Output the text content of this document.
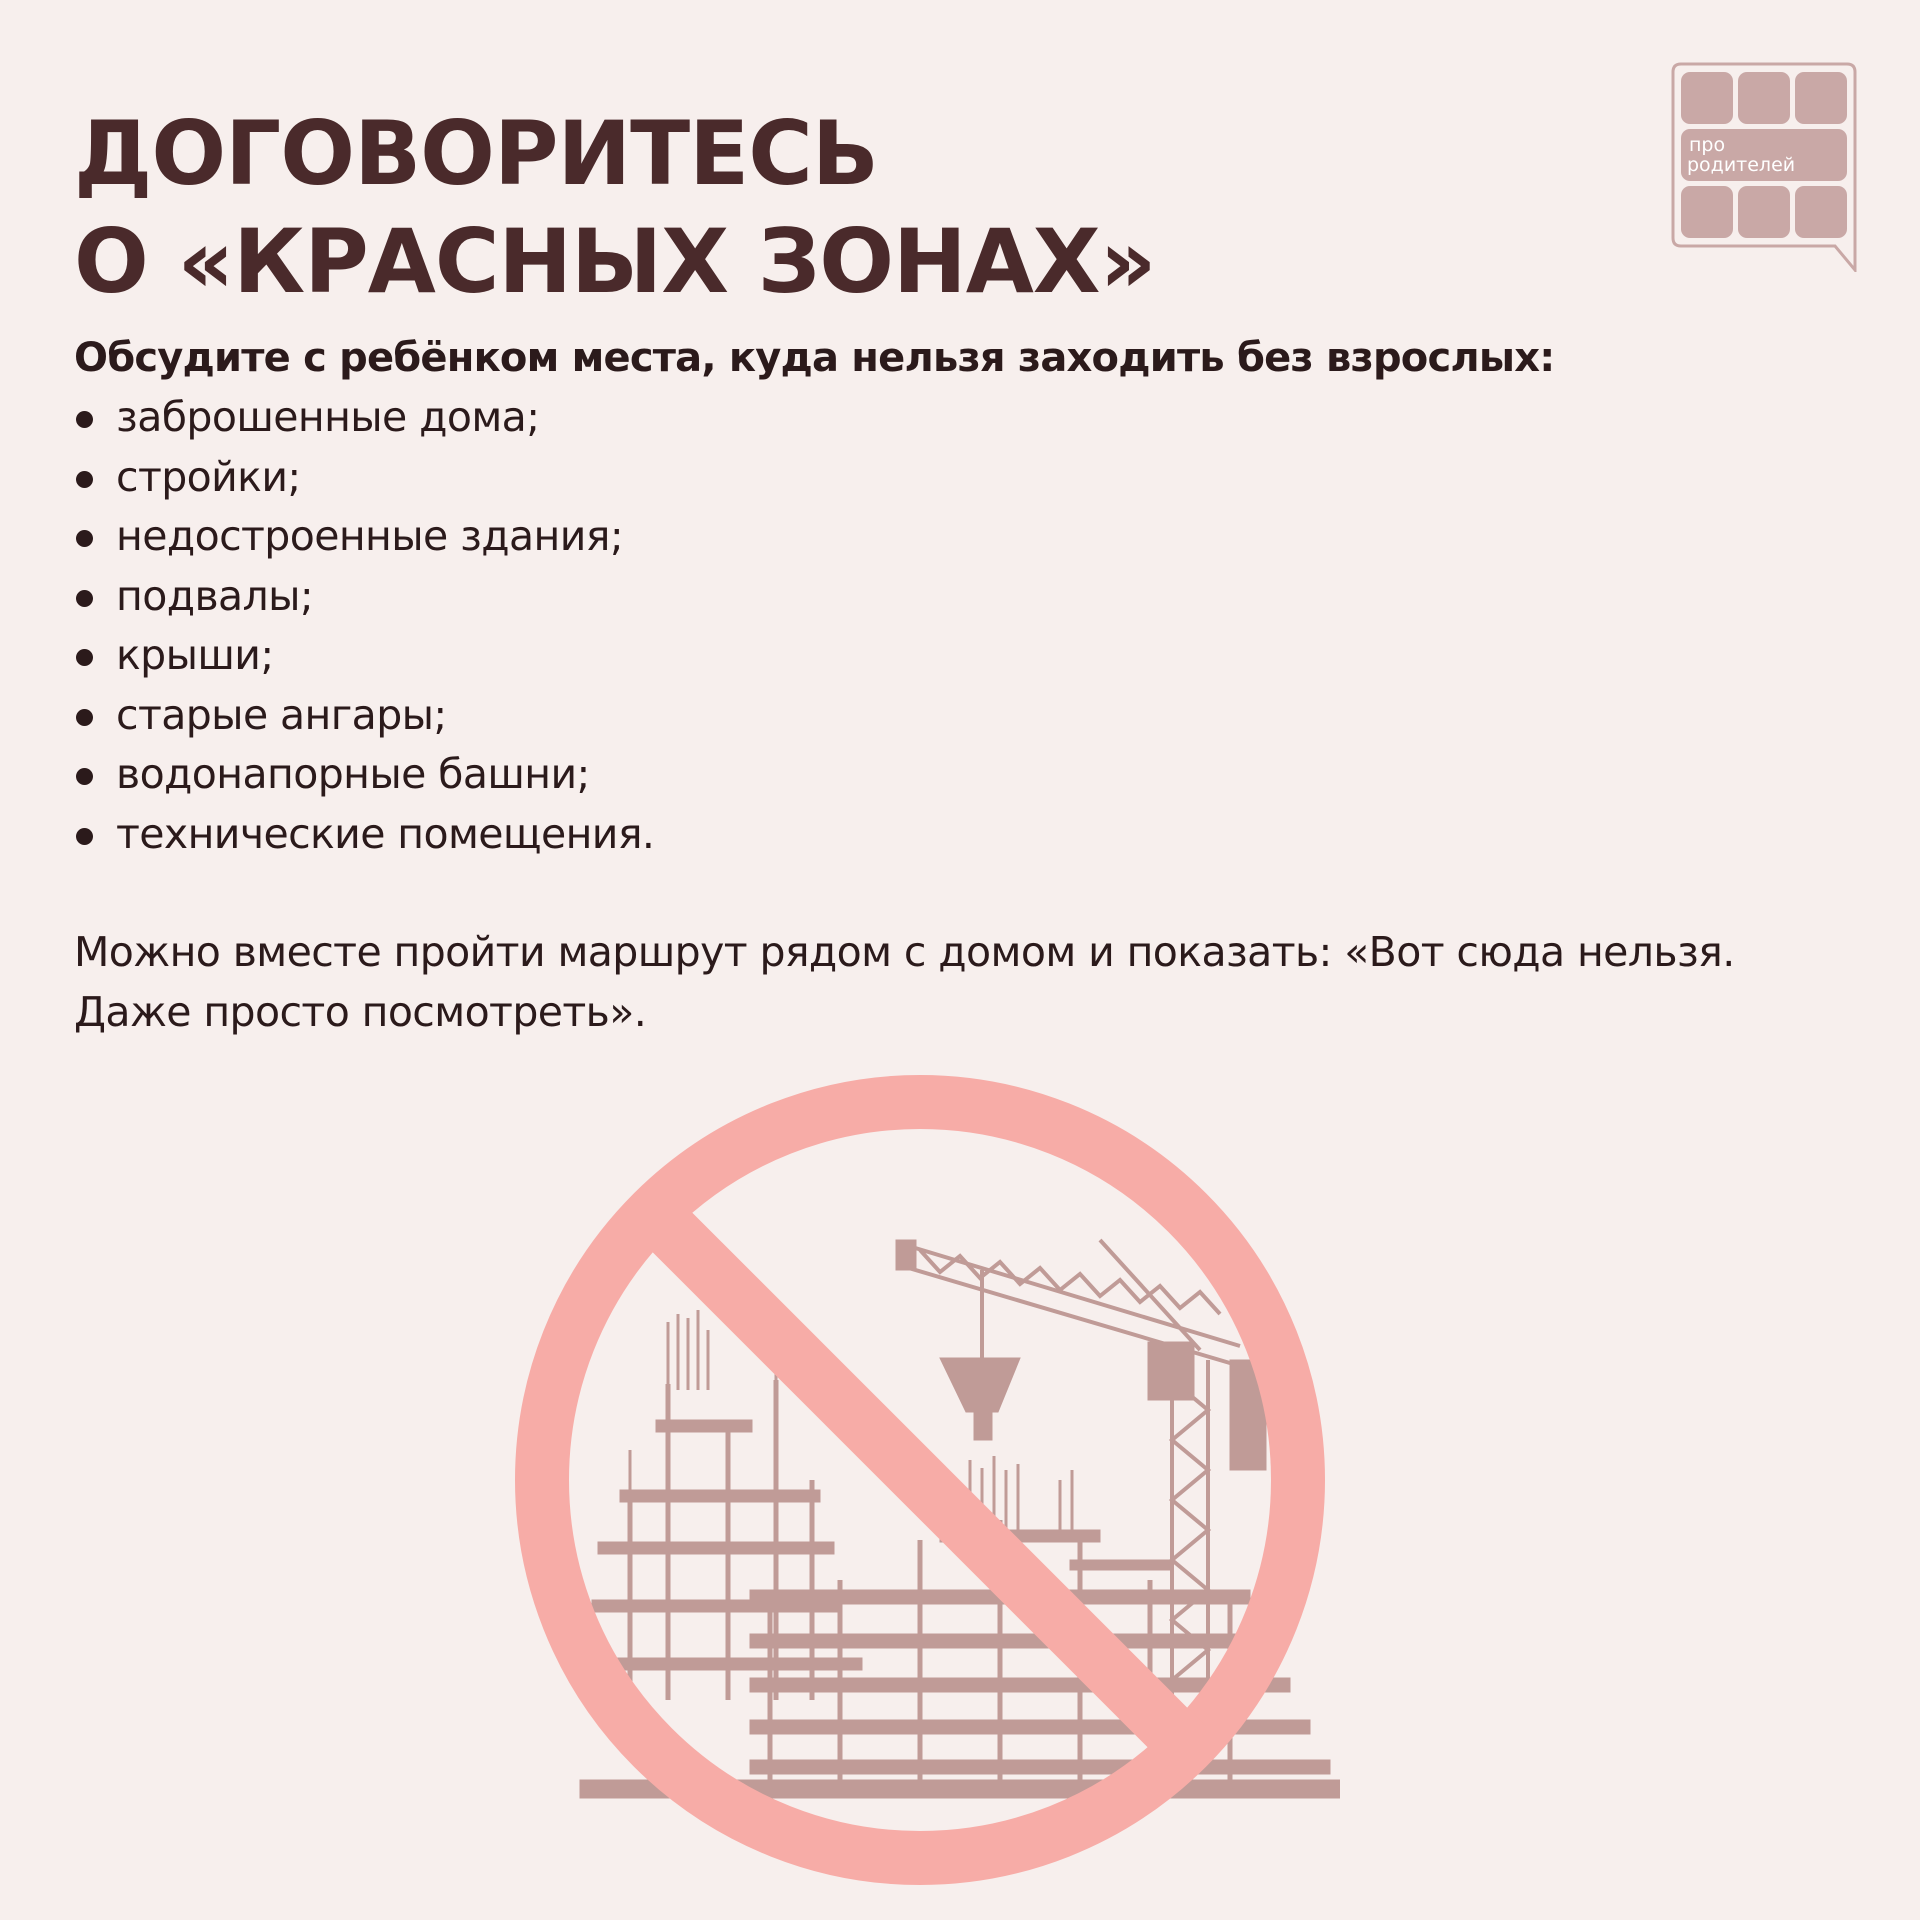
ДОГОВОРИТЕСЬ
О «КРАСНЫХ ЗОНАХ»
про
родителей

Обсудите с ребёнком места, куда нельзя заходить без взрослых:

заброшенные дома;
стройки;
недостроенные здания;
подвалы;
крыши;
старые ангары;
водонапорные башни;
технические помещения.

Можно вместе пройти маршрут рядом с домом и показать: «Вот сюда нельзя. Даже просто посмотреть».
